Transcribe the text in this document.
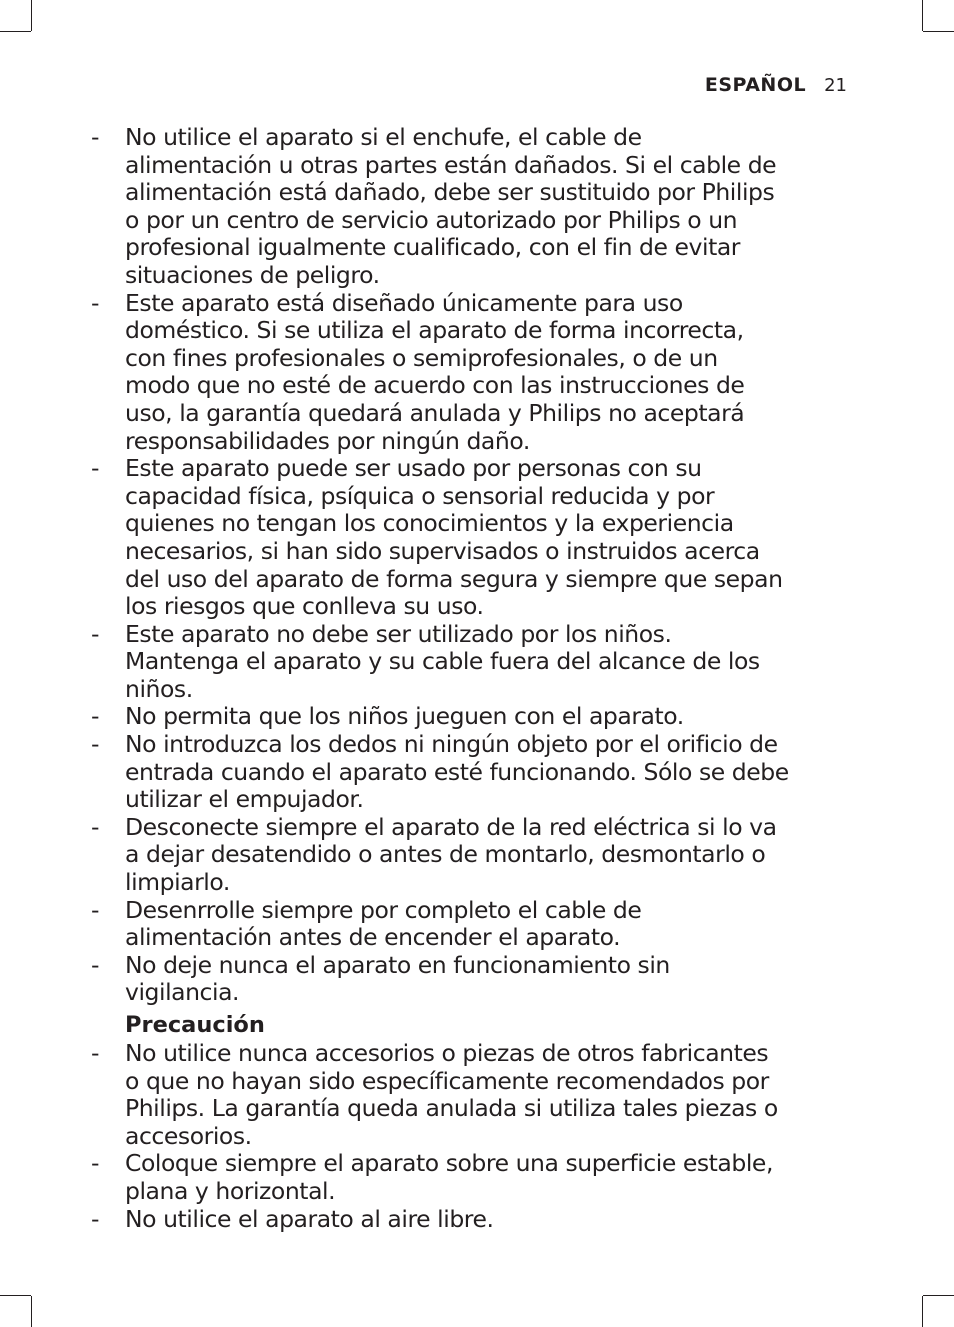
ESPAÑOL 21
-	No utilice el aparato si el enchufe, el cable de
alimentación u otras partes están dañados. Si el cable de
alimentación está dañado, debe ser sustituido por Philips
o por un centro de servicio autorizado por Philips o un
profesional igualmente cualificado, con el fin de evitar
situaciones de peligro.
-	Este aparato está diseñado únicamente para uso
doméstico. Si se utiliza el aparato de forma incorrecta,
con fines profesionales o semiprofesionales, o de un
modo que no esté de acuerdo con las instrucciones de
uso, la garantía quedará anulada y Philips no aceptará
responsabilidades por ningún daño.
-	Este aparato puede ser usado por personas con su
capacidad física, psíquica o sensorial reducida y por
quienes no tengan los conocimientos y la experiencia
necesarios, si han sido supervisados o instruidos acerca
del uso del aparato de forma segura y siempre que sepan
los riesgos que conlleva su uso.
-	Este aparato no debe ser utilizado por los niños.
Mantenga el aparato y su cable fuera del alcance de los
niños.
-	No permita que los niños jueguen con el aparato.
-	No introduzca los dedos ni ningún objeto por el orificio de
entrada cuando el aparato esté funcionando. Sólo se debe
utilizar el empujador.
-	Desconecte siempre el aparato de la red eléctrica si lo va
a dejar desatendido o antes de montarlo, desmontarlo o
limpiarlo.
-	Desenrrolle siempre por completo el cable de
alimentación antes de encender el aparato.
-	No deje nunca el aparato en funcionamiento sin
vigilancia.
Precaución
-	No utilice nunca accesorios o piezas de otros fabricantes
o que no hayan sido específicamente recomendados por
Philips. La garantía queda anulada si utiliza tales piezas o
accesorios.
-	Coloque siempre el aparato sobre una superficie estable,
plana y horizontal.
-	No utilice el aparato al aire libre.
